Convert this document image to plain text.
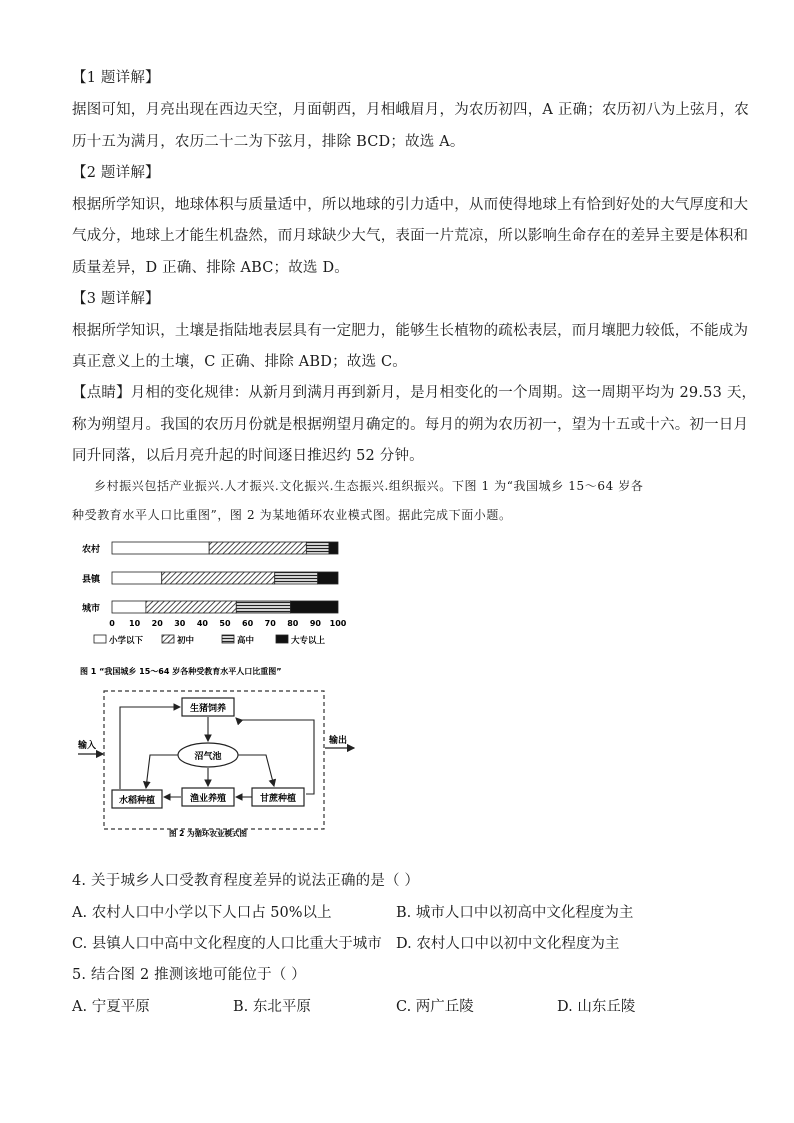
【1 题详解】
据图可知，月亮出现在西边天空，月面朝西，月相峨眉月，为农历初四，A 正确；农历初八为上弦月，农
历十五为满月，农历二十二为下弦月，排除 BCD；故选 A。
【2 题详解】
根据所学知识，地球体积与质量适中，所以地球的引力适中，从而使得地球上有恰到好处的大气厚度和大
气成分，地球上才能生机盎然，而月球缺少大气，表面一片荒凉，所以影响生命存在的差异主要是体积和
质量差异，D 正确、排除 ABC；故选 D。
【3 题详解】
根据所学知识，土壤是指陆地表层具有一定肥力，能够生长植物的疏松表层，而月壤肥力较低，不能成为
真正意义上的土壤，C 正确、排除 ABD；故选 C。
【点睛】月相的变化规律：从新月到满月再到新月，是月相变化的一个周期。这一周期平均为 29.53 天，
称为朔望月。我国的农历月份就是根据朔望月确定的。每月的朔为农历初一，望为十五或十六。初一日月
同升同落，以后月亮升起的时间逐日推迟约 52 分钟。
乡村振兴包括产业振兴.人才振兴.文化振兴.生态振兴.组织振兴。下图 1 为“我国城乡 15～64 岁各
种受教育水平人口比重图”，图 2 为某地循环农业模式图。据此完成下面小题。
农村
县镇
城市
0 10 20 30 40 50 60 70 80 90 100
小学以下	初中	高中	大专以上
图 1 “我国城乡 15～64 岁各种受教育水平人口比重图”
输入	输出
生猪饲养
沼气池
水稻种植	渔业养殖	甘蔗种植
图 2 为循环农业模式图
4. 关于城乡人口受教育程度差异的说法正确的是（ ）
A. 农村人口中小学以下人口占 50%以上	B. 城市人口中以初高中文化程度为主
C. 县镇人口中高中文化程度的人口比重大于城市 D. 农村人口中以初中文化程度为主
5. 结合图 2 推测该地可能位于（ ）
A. 宁夏平原	B. 东北平原	C. 两广丘陵	D. 山东丘陵
